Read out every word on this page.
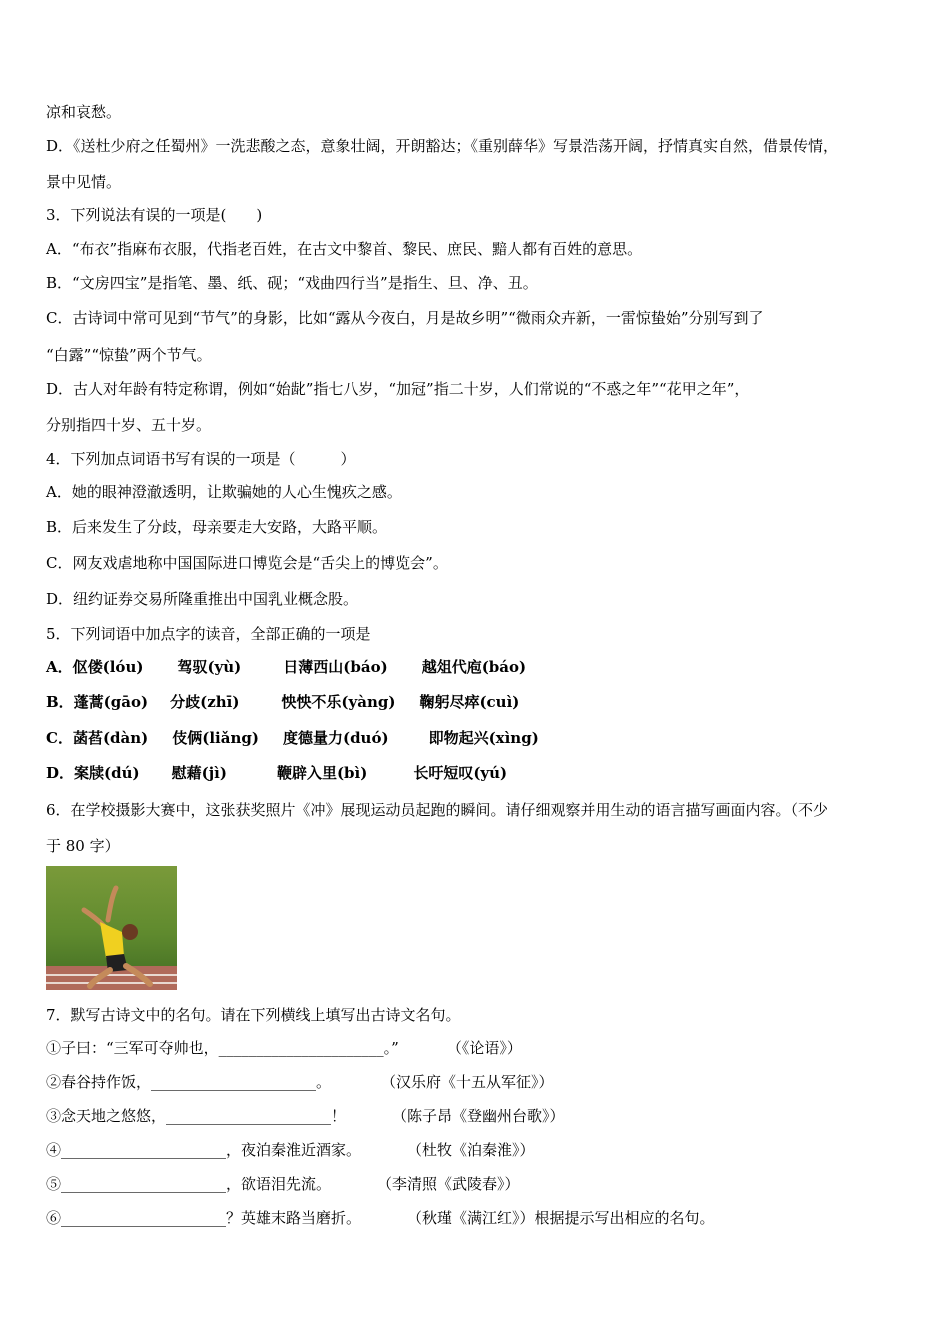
凉和哀愁。
D．《送杜少府之任蜀州》一洗悲酸之态，意象壮阔，开朗豁达；《重别薛华》写景浩荡开阔，抒情真实自然，借景传情，
景中见情。
3．下列说法有误的一项是(　　)
A．“布衣”指麻布衣服，代指老百姓，在古文中黎首、黎民、庶民、黯人都有百姓的意思。
B．“文房四宝”是指笔、墨、纸、砚；“戏曲四行当”是指生、旦、净、丑。
C．古诗词中常可见到“节气”的身影，比如“露从今夜白，月是故乡明”“微雨众卉新，一雷惊蛰始”分别写到了
“白露”“惊蛰”两个节气。
D．古人对年龄有特定称谓，例如“始龀”指七八岁，“加冠”指二十岁，人们常说的“不惑之年”“花甲之年”，
分别指四十岁、五十岁。
4．下列加点词语书写有误的一项是（　　　）
A．她的眼神澄澈透明，让欺骗她的人心生愧疚之感。
B．后来发生了分歧，母亲要走大安路，大路平顺。
C．网友戏虐地称中国国际进口博览会是“舌尖上的博览会”。
D．纽约证券交易所隆重推出中国乳业概念股。
5．下列词语中加点字的读音，全部正确的一项是
A．伛偻(lóu) 驾驭(yù)	日薄西山(báo) 越俎代庖(báo)
B．蓬蒿(gāo) 分歧(zhī)	怏怏不乐(yàng) 鞠躬尽瘁(cuì)
C．菡萏(dàn) 伎俩(liǎng) 度德量力(duó)	即物起兴(xìng)
D．案牍(dú) 慰藉(jì)	鞭辟入里(bì)	长吁短叹(yú)
6．在学校摄影大赛中，这张获奖照片《冲》展现运动员起跑的瞬间。请仔细观察并用生动的语言描写画面内容。（不少
于 80 字）
7．默写古诗文中的名句。请在下列横线上填写出古诗文名句。
①子曰：“三军可夺帅也，______________________。”	（《论语》）
②春谷持作饭，______________________。	（汉乐府《十五从军征》）
③念天地之悠悠，______________________！	（陈子昂《登幽州台歌》）
④______________________，夜泊秦淮近酒家。	（杜牧《泊秦淮》）
⑤______________________，欲语泪先流。	（李清照《武陵春》）
⑥______________________？英雄末路当磨折。	（秋瑾《满江红》）根据提示写出相应的名句。
